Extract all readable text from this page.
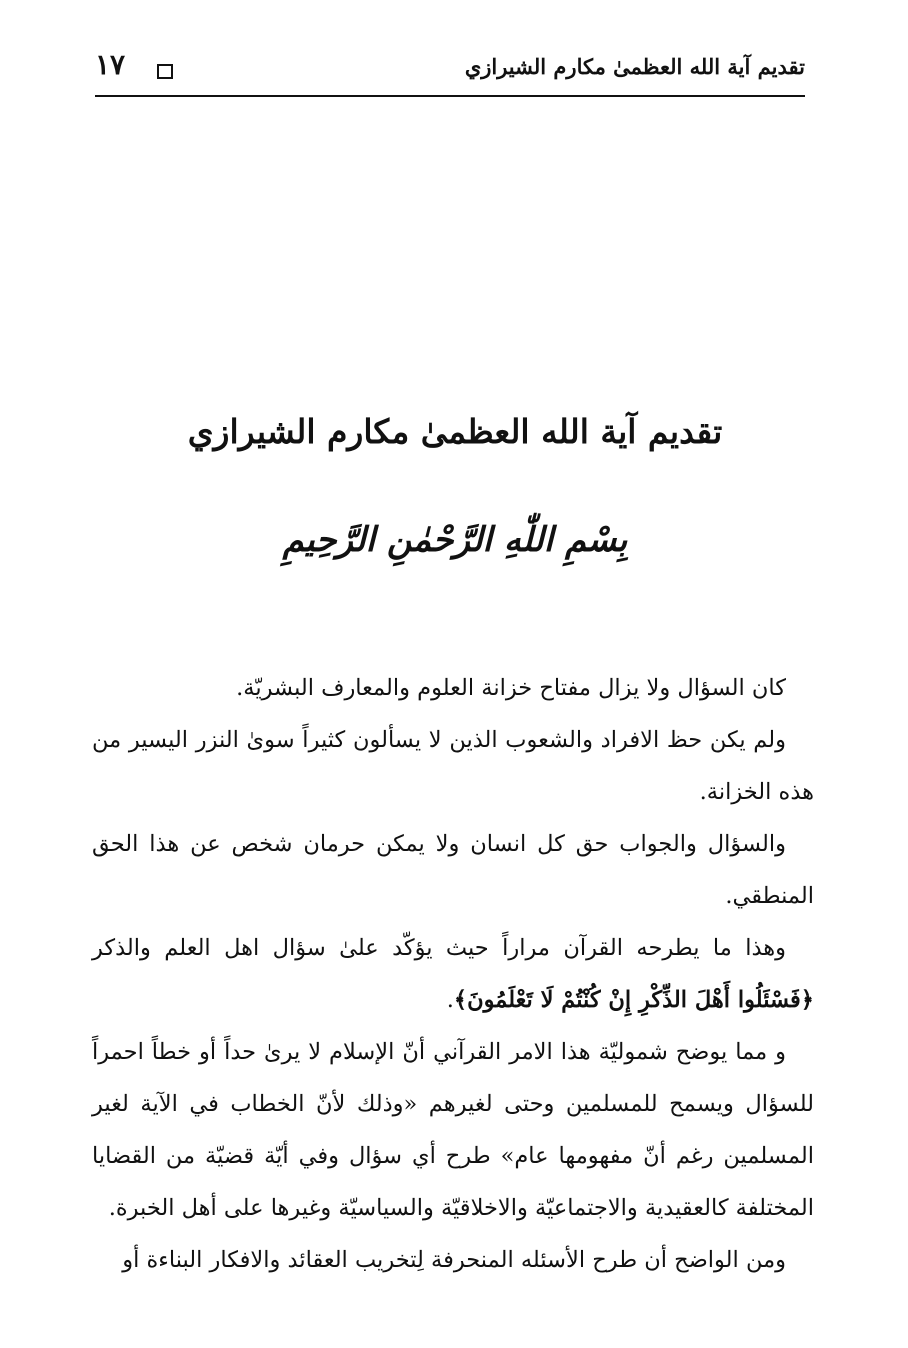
تقديم آية الله العظمىٰ مكارم الشيرازي
١٧
تقديم آية الله العظمىٰ مكارم الشيرازي
بِسْمِ اللّٰهِ الرَّحْمٰنِ الرَّحِيمِ

كان السؤال ولا يزال مفتاح خزانة العلوم والمعارف البشريّة.

ولم يكن حظ الافراد والشعوب الذين لا يسألون كثيراً سوىٰ النزر اليسير من هذه الخزانة.

والسؤال والجواب حق كل انسان ولا يمكن حرمان شخص عن هذا الحق المنطقي.

وهذا ما يطرحه القرآن مراراً حيث يؤكّد علىٰ سؤال اهل العلم والذكر ﴿فَسْئَلُوا أَهْلَ الذِّكْرِ إِنْ كُنْتُمْ لَا تَعْلَمُونَ﴾.

و مما يوضح شموليّة هذا الامر القرآني أنّ الإسلام لا يرىٰ حداً أو خطاً احمراً للسؤال ويسمح للمسلمين وحتى لغيرهم «وذلك لأنّ الخطاب في الآية لغير المسلمين رغم أنّ مفهومها عام» طرح أي سؤال وفي أيّة قضيّة من القضايا المختلفة كالعقيدية والاجتماعيّة والاخلاقيّة والسياسيّة وغيرها على أهل الخبرة.

ومن الواضح أن طرح الأسئله المنحرفة لِتخريب العقائد والافكار البناءة أو
